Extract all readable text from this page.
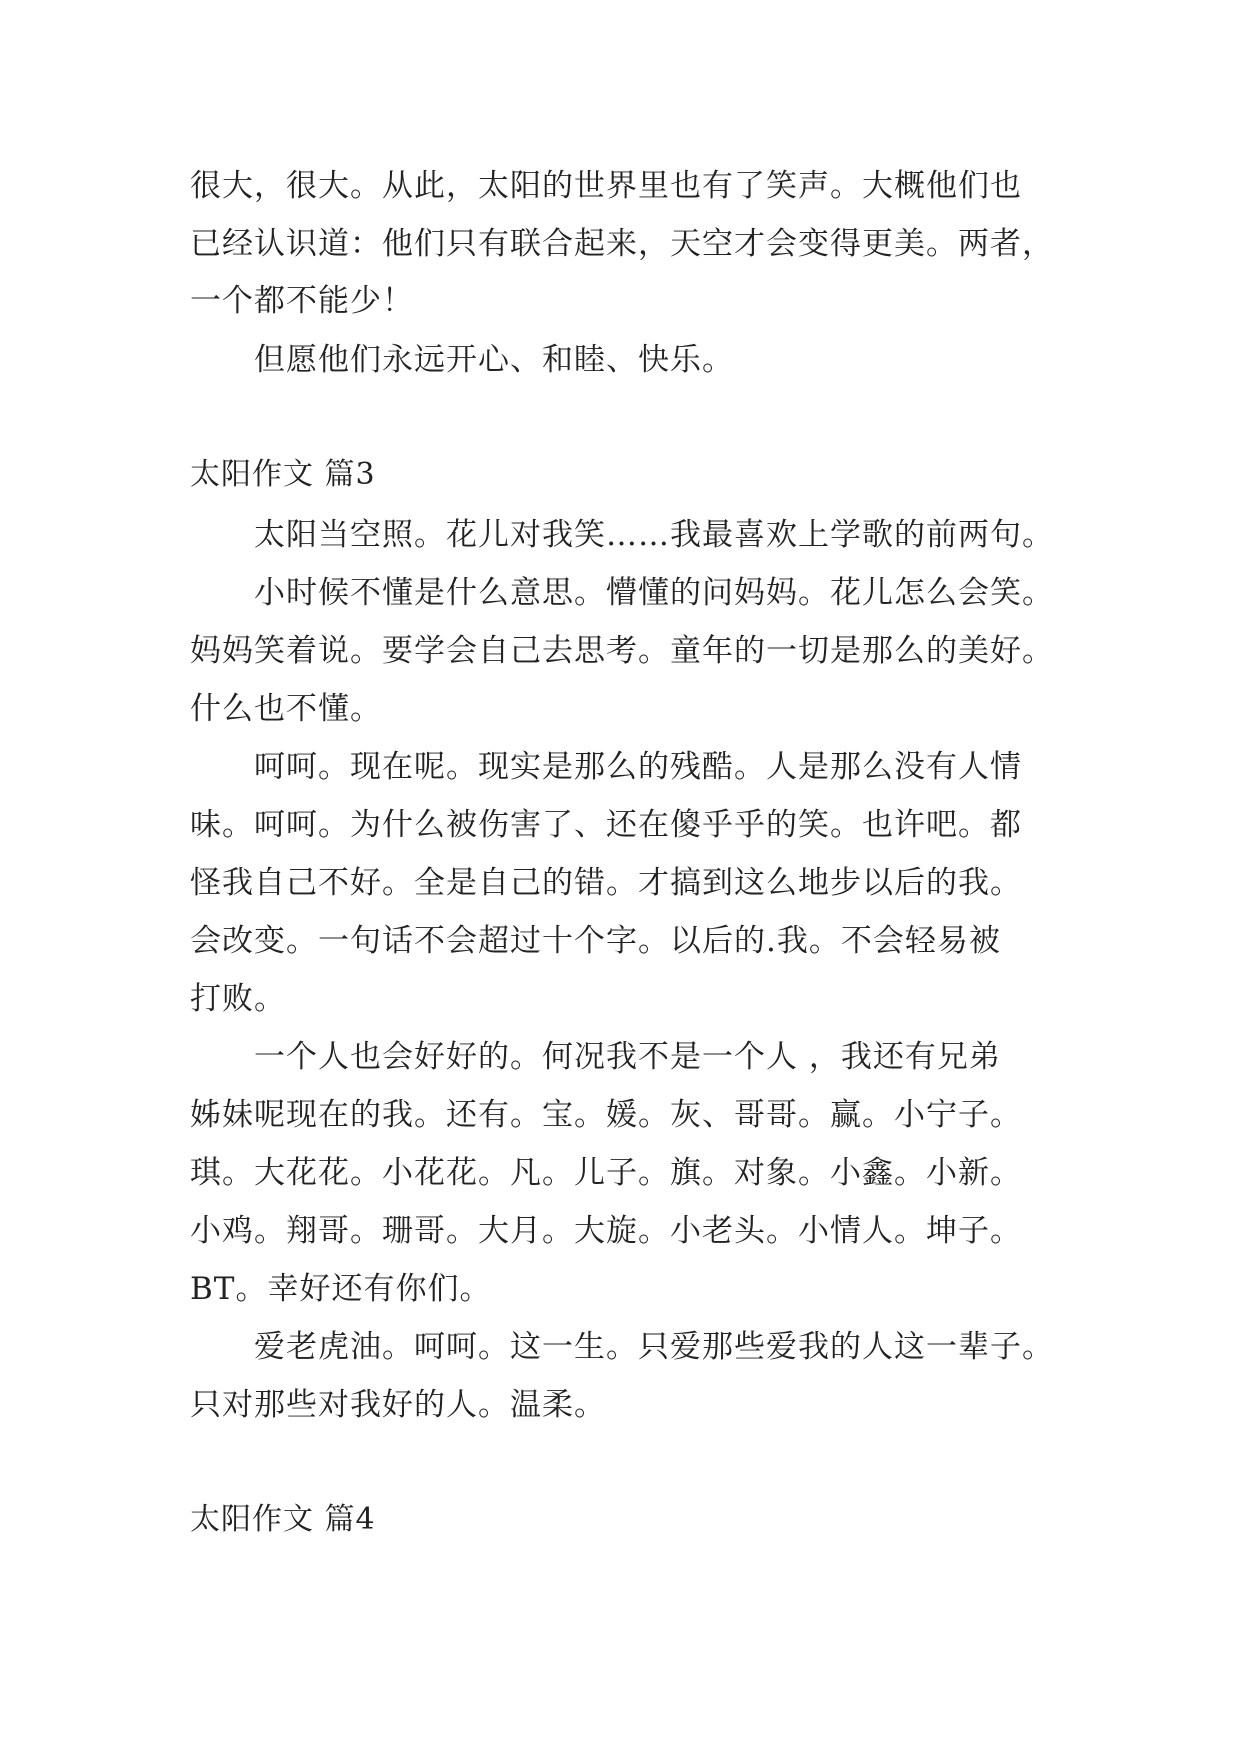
很大，很大。从此，太阳的世界里也有了笑声。大概他们也
已经认识道：他们只有联合起来，天空才会变得更美。两者，
一个都不能少！
但愿他们永远开心、和睦、快乐。
太阳作文 篇3
太阳当空照。花儿对我笑……我最喜欢上学歌的前两句。
小时候不懂是什么意思。懵懂的问妈妈。花儿怎么会笑。
妈妈笑着说。要学会自己去思考。童年的一切是那么的美好。
什么也不懂。
呵呵。现在呢。现实是那么的残酷。人是那么没有人情
味。呵呵。为什么被伤害了、还在傻乎乎的笑。也许吧。都
怪我自己不好。全是自己的错。才搞到这么地步以后的我。
会改变。一句话不会超过十个字。以后的.我。不会轻易被
打败。
一个人也会好好的。何况我不是一个人 ，我还有兄弟
姊妹呢现在的我。还有。宝。媛。灰、哥哥。赢。小宁子。
琪。大花花。小花花。凡。儿子。旗。对象。小鑫。小新。
小鸡。翔哥。珊哥。大月。大旋。小老头。小情人。坤子。
BT。幸好还有你们。
爱老虎油。呵呵。这一生。只爱那些爱我的人这一辈子。
只对那些对我好的人。温柔。
太阳作文 篇4
